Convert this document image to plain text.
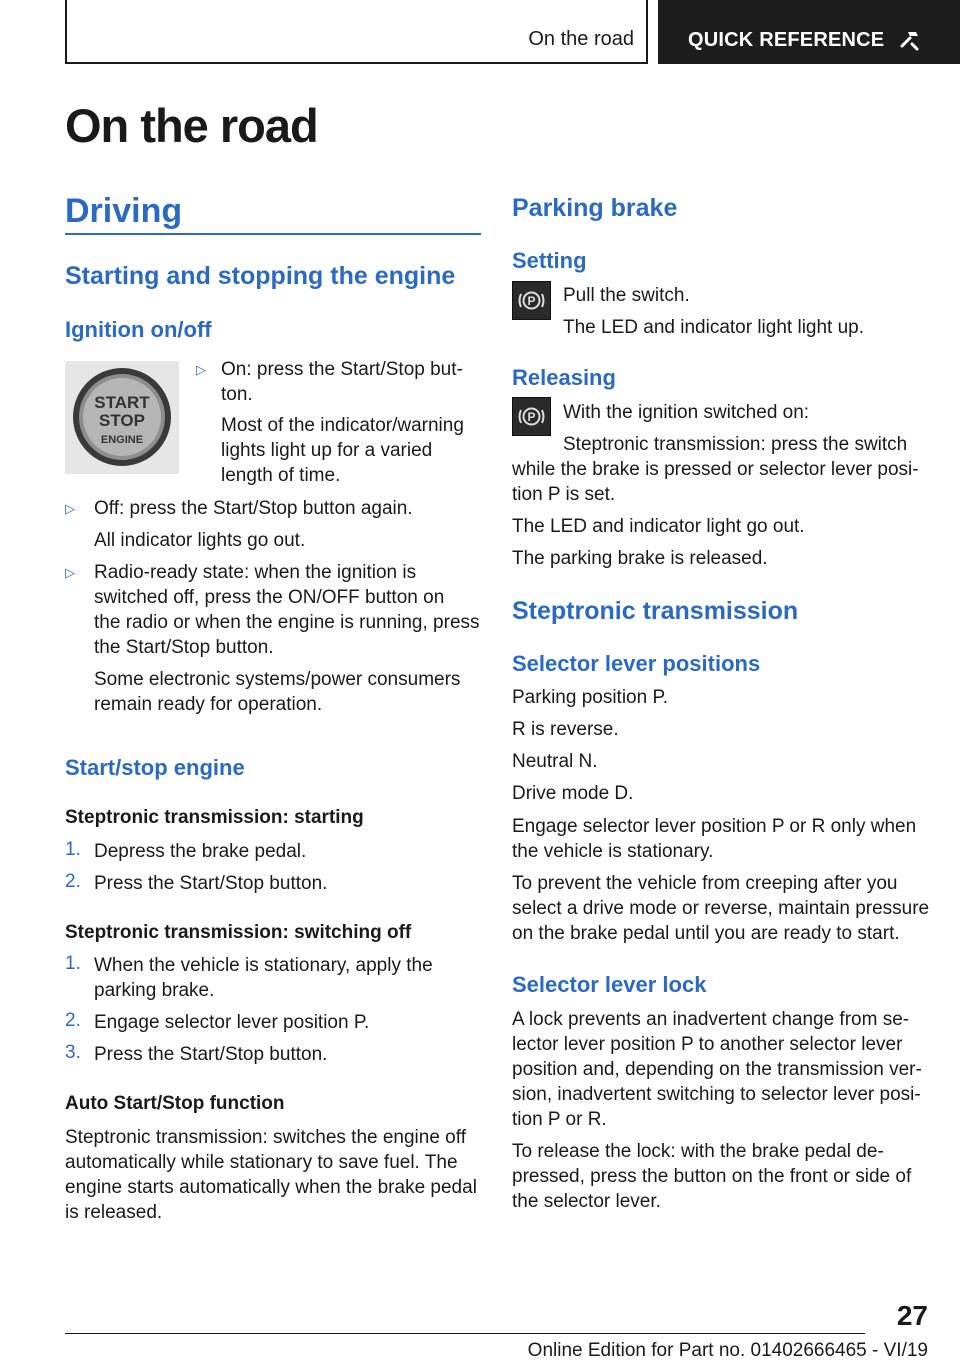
On the road	QUICK REFERENCE
On the road
Driving
Starting and stopping the engine
Ignition on/off
START
STOP
ENGINE
▷ On: press the Start/Stop but-
ton.
Most of the indicator/warning
lights light up for a varied
length of time.
▷ Off: press the Start/Stop button again.
All indicator lights go out.
▷ Radio-ready state: when the ignition is
switched off, press the ON/OFF button on
the radio or when the engine is running, press
the Start/Stop button.
Some electronic systems/power consumers
remain ready for operation.
Start/stop engine
Steptronic transmission: starting
1. Depress the brake pedal.
2. Press the Start/Stop button.
Steptronic transmission: switching off
1. When the vehicle is stationary, apply the
parking brake.
2. Engage selector lever position P.
3. Press the Start/Stop button.
Auto Start/Stop function
Steptronic transmission: switches the engine off
automatically while stationary to save fuel. The
engine starts automatically when the brake pedal
is released.
Parking brake
Setting
P Pull the switch.
The LED and indicator light light up.
Releasing
P With the ignition switched on:
Steptronic transmission: press the switch
while the brake is pressed or selector lever posi-
tion P is set.
The LED and indicator light go out.
The parking brake is released.
Steptronic transmission
Selector lever positions
Parking position P.
R is reverse.
Neutral N.
Drive mode D.
Engage selector lever position P or R only when
the vehicle is stationary.
To prevent the vehicle from creeping after you
select a drive mode or reverse, maintain pressure
on the brake pedal until you are ready to start.
Selector lever lock
A lock prevents an inadvertent change from se-
lector lever position P to another selector lever
position and, depending on the transmission ver-
sion, inadvertent switching to selector lever posi-
tion P or R.
To release the lock: with the brake pedal de-
pressed, press the button on the front or side of
the selector lever.
27
Online Edition for Part no. 01402666465 - VI/19
